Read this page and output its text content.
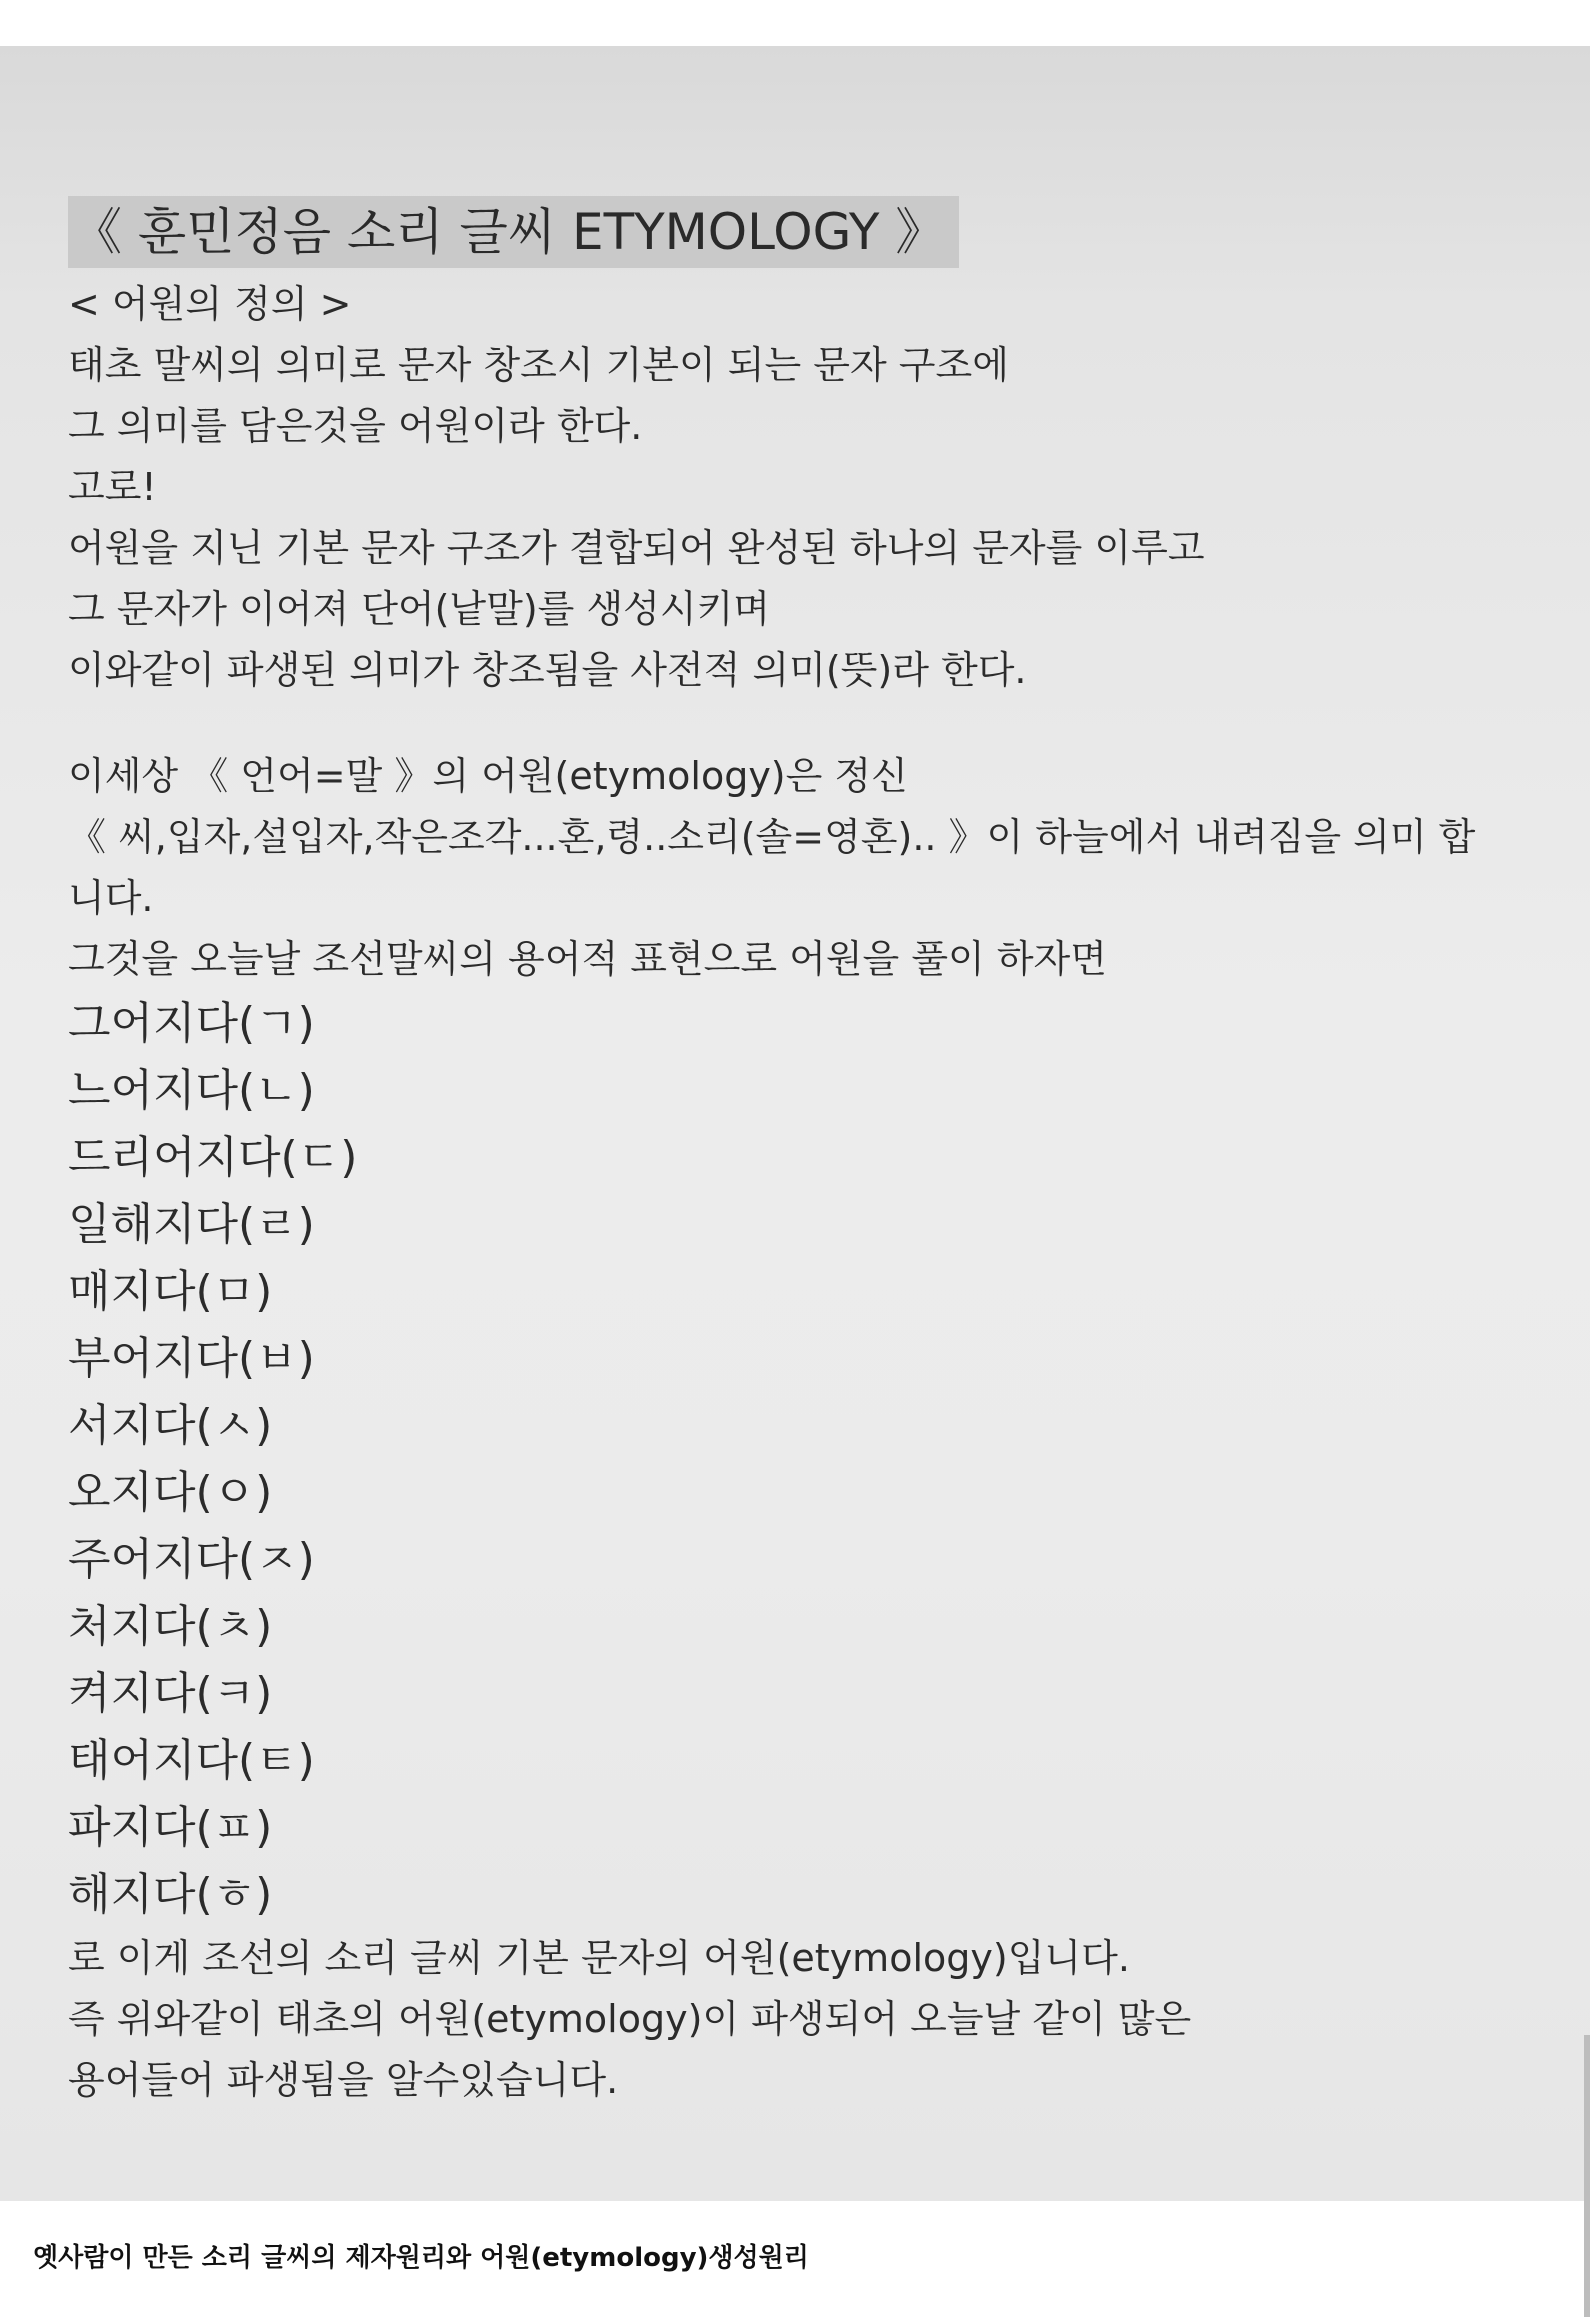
《 훈민정음 소리 글씨 ETYMOLOGY 》
< 어원의 정의 >
태초 말씨의 의미로 문자 창조시 기본이 되는 문자 구조에
그 의미를 담은것을 어원이라 한다.
고로!
어원을 지닌 기본 문자 구조가 결합되어 완성된 하나의 문자를 이루고
그 문자가 이어져 단어(낱말)를 생성시키며
이와같이 파생된 의미가 창조됨을 사전적 의미(뜻)라 한다.
이세상 《 언어=말 》의 어원(etymology)은 정신
《 씨,입자,설입자,작은조각...혼,령..소리(솔=영혼).. 》이 하늘에서 내려짐을 의미 합니다.
그것을 오늘날 조선말씨의 용어적 표현으로 어원을 풀이 하자면
그어지다(ㄱ)
느어지다(ㄴ)
드리어지다(ㄷ)
일해지다(ㄹ)
매지다(ㅁ)
부어지다(ㅂ)
서지다(ㅅ)
오지다(ㅇ)
주어지다(ㅈ)
처지다(ㅊ)
켜지다(ㅋ)
태어지다(ㅌ)
파지다(ㅍ)
해지다(ㅎ)
로 이게 조선의 소리 글씨 기본 문자의 어원(etymology)입니다.
즉 위와같이 태초의 어원(etymology)이 파생되어 오늘날 같이 많은
용어들어 파생됨을 알수있습니다.
옛사람이 만든 소리 글씨의 제자원리와 어원(etymology)생성원리
